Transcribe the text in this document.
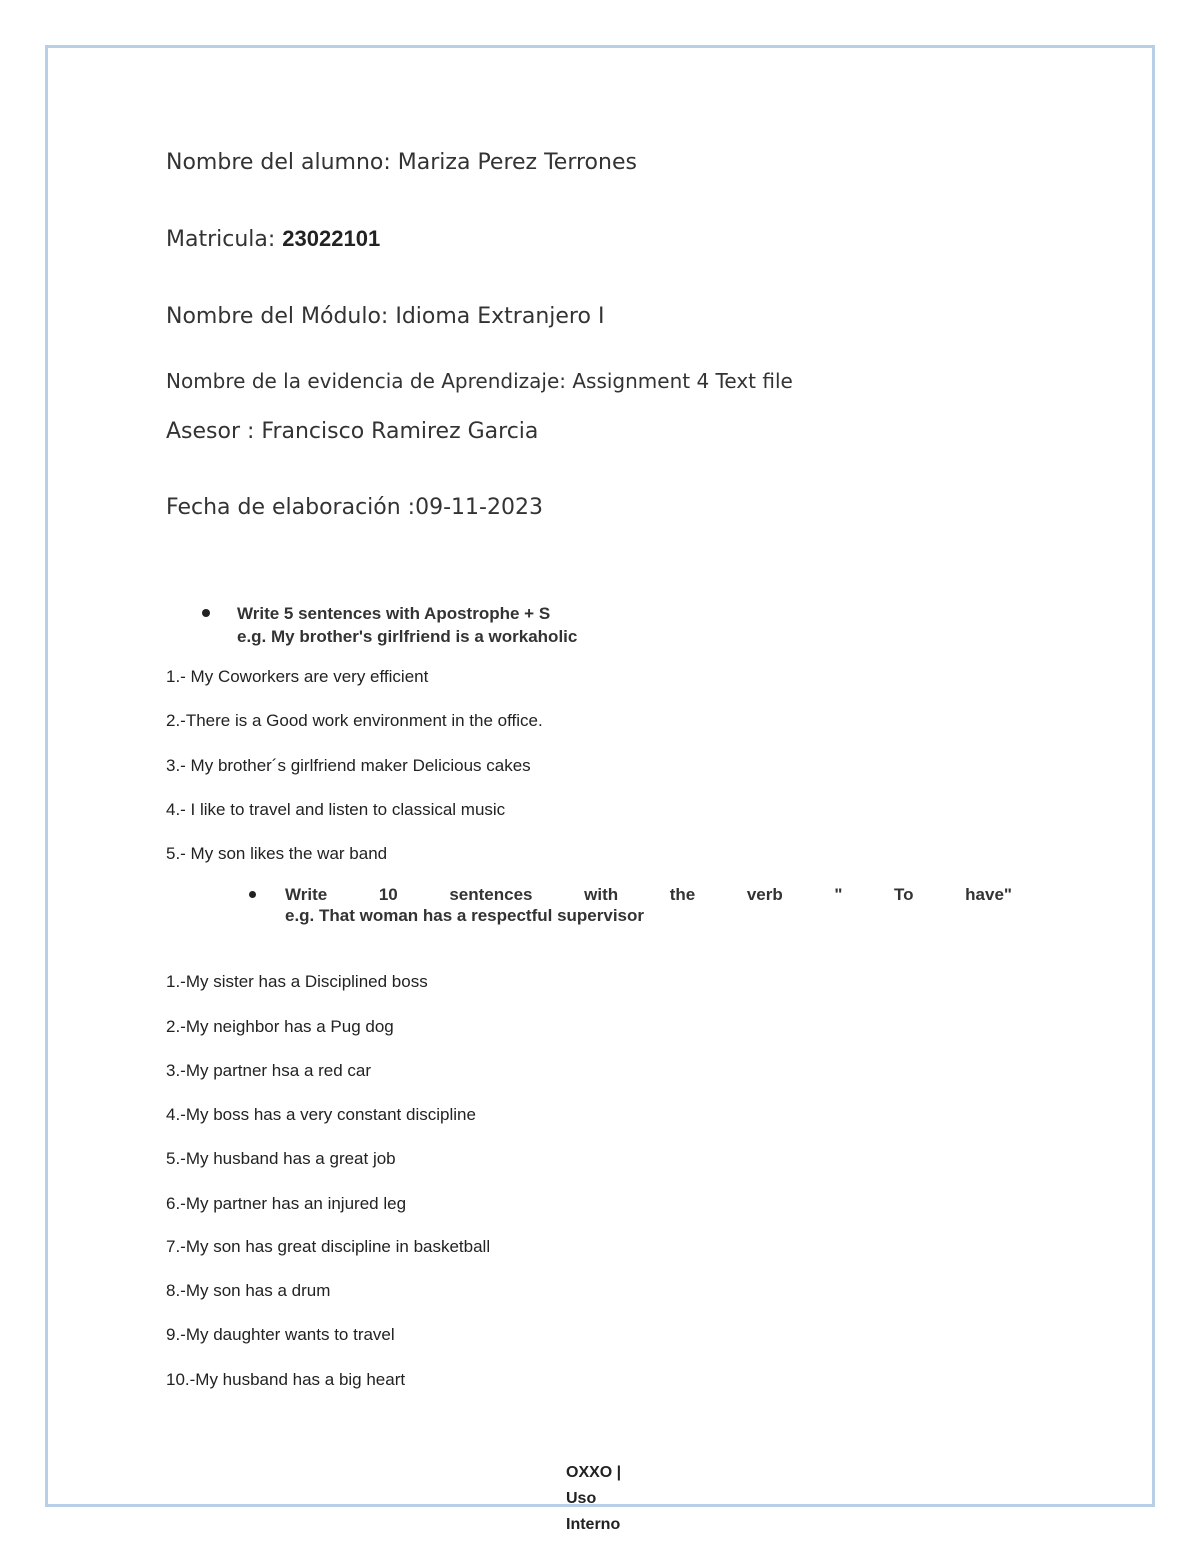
Nombre del alumno: Mariza Perez Terrones
Matricula: 23022101
Nombre del Módulo: Idioma Extranjero I
Nombre de la evidencia de Aprendizaje: Assignment 4 Text file
Asesor : Francisco Ramirez Garcia
Fecha de elaboración :09-11-2023
Write 5 sentences with Apostrophe + S
e.g. My brother's girlfriend is a workaholic
1.- My Coworkers are very efficient
2.-There is a Good work environment in the office.
3.- My brother´s girlfriend maker Delicious cakes
4.- I like to travel and listen to classical music
5.- My son likes the war band
Write	10	sentences	with	the	verb	"	To	have"
e.g. That woman has a respectful supervisor
1.-My sister has a Disciplined boss
2.-My neighbor has a Pug dog
3.-My partner hsa a red car
4.-My boss has a very constant discipline
5.-My husband has a great job
6.-My partner has an injured leg
7.-My son has great discipline in basketball
8.-My son has a drum
9.-My daughter wants to travel
10.-My husband has a big heart
OXXO |
Uso
Interno
